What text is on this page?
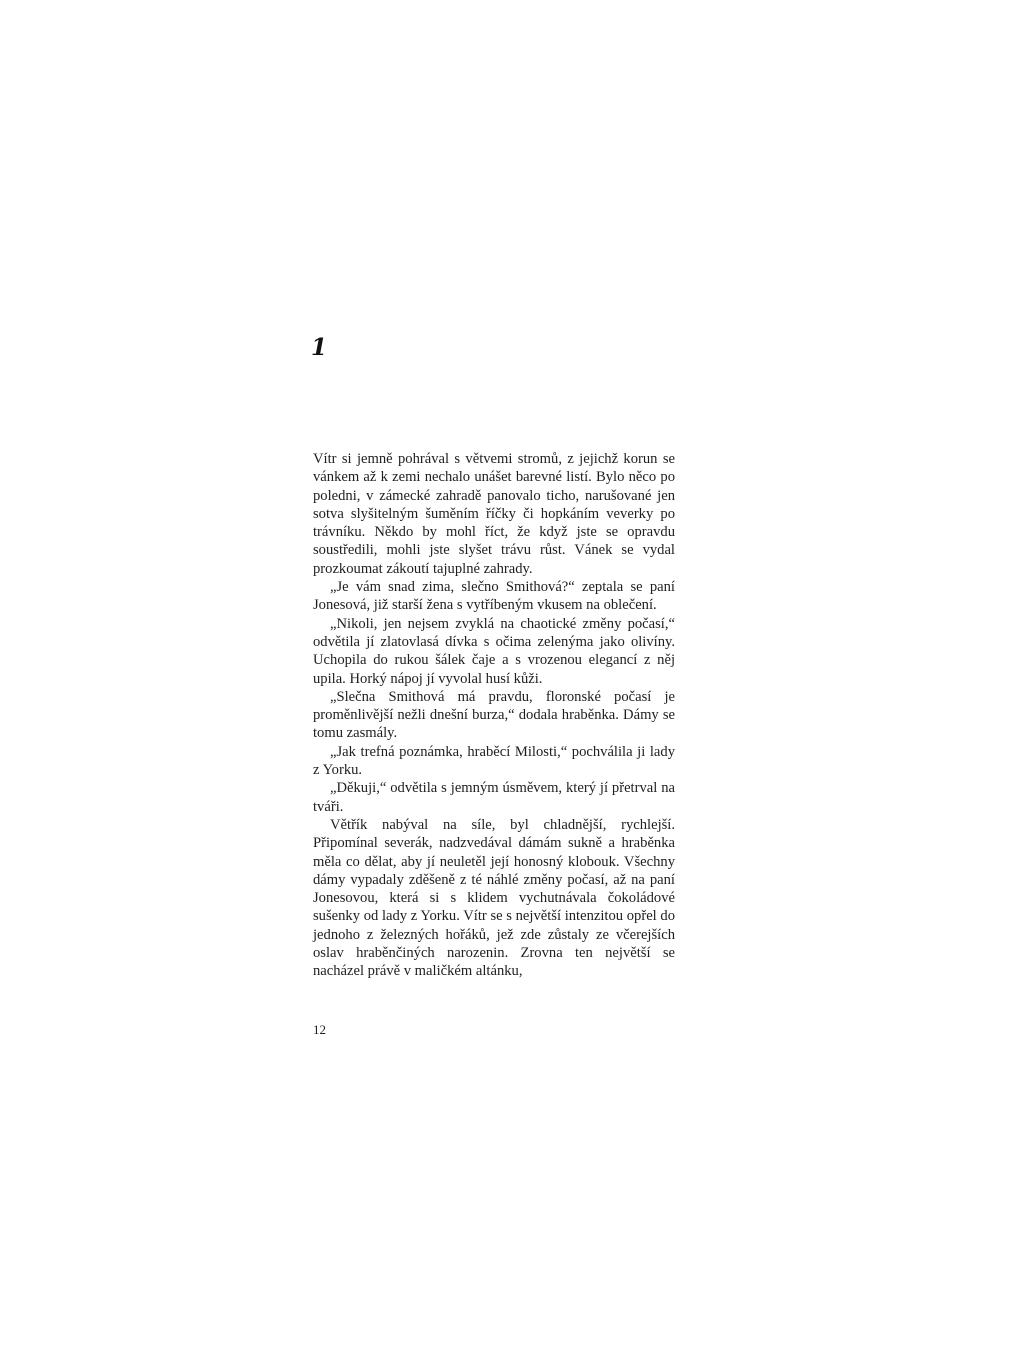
1

Vítr si jemně pohrával s větvemi stromů, z jejichž korun se vánkem až k zemi nechalo unášet barevné listí. Bylo něco po poledni, v zámecké zahradě panovalo ticho, narušované jen sotva slyšitelným šuměním říčky či hopkáním veverky po trávníku. Někdo by mohl říct, že když jste se opravdu soustředili, mohli jste slyšet trávu růst. Vánek se vydal prozkoumat zákoutí tajuplné zahrady.

„Je vám snad zima, slečno Smithová?“ zeptala se paní Jonesová, již starší žena s vytříbeným vkusem na oblečení.

„Nikoli, jen nejsem zvyklá na chaotické změny počasí,“ odvětila jí zlatovlasá dívka s očima zelenýma jako olivíny. Uchopila do rukou šálek čaje a s vrozenou elegancí z něj upila. Horký nápoj jí vyvolal husí kůži.

„Slečna Smithová má pravdu, floronské počasí je proměnlivější nežli dnešní burza,“ dodala hraběnka. Dámy se tomu zasmály.

„Jak trefná poznámka, hraběcí Milosti,“ pochválila ji lady z Yorku.

„Děkuji,“ odvětila s jemným úsměvem, který jí přetrval na tváři.

Větřík nabýval na síle, byl chladnější, rychlejší. Připomínal severák, nadzvedával dámám sukně a hraběnka měla co dělat, aby jí neuletěl její honosný klobouk. Všechny dámy vypadaly zděšeně z té náhlé změny počasí, až na paní Jonesovou, která si s klidem vychutnávala čokoládové sušenky od lady z Yorku. Vítr se s největší intenzitou opřel do jednoho z železných hořáků, jež zde zůstaly ze včerejších oslav hraběnčiných narozenin. Zrovna ten největší se nacházel právě v maličkém altánku,

12
